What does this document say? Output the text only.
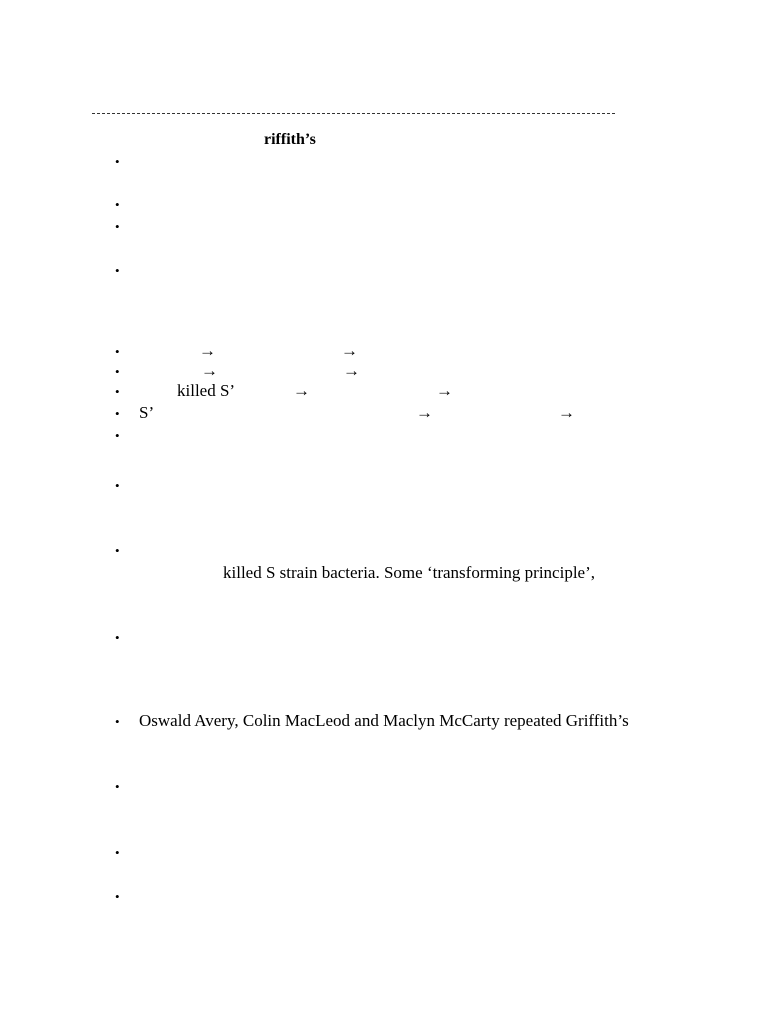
riffith’s
•
•
•
•
•	→	→
•	→	→
•	killed S’	→	→
• S’	→	→
•
•
•
killed S strain bacteria. Some ‘transforming principle’,
•
• Oswald Avery, Colin MacLeod and Maclyn McCarty repeated Griffith’s
•
•
•
